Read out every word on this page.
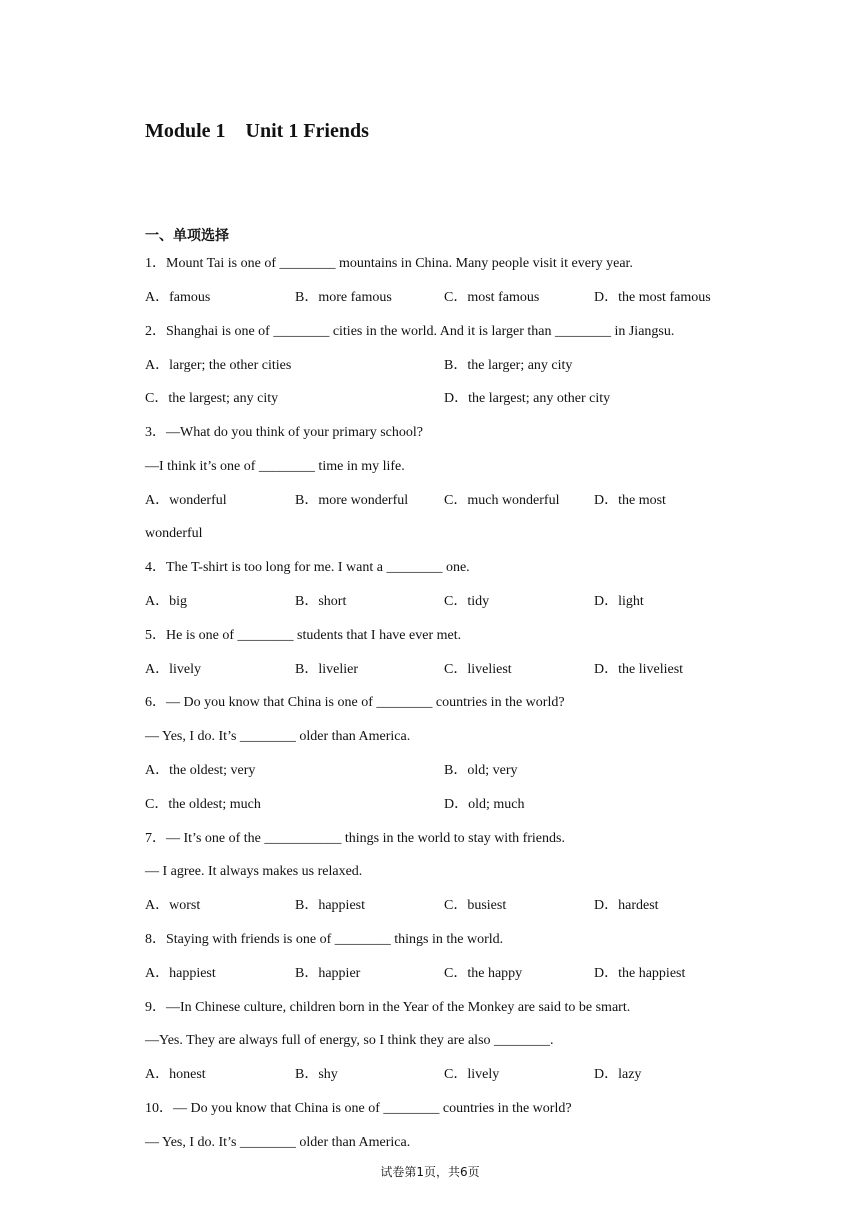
Module 1    Unit 1 Friends
一、单项选择
1．Mount Tai is one of ________ mountains in China. Many people visit it every year.
A．famous	B．more famous	C．most famous	D．the most famous
2．Shanghai is one of ________ cities in the world. And it is larger than ________ in Jiangsu.
A．larger; the other cities	B．the larger; any city
C．the largest; any city	D．the largest; any other city
3．—What do you think of your primary school?
—I think it’s one of ________ time in my life.
A．wonderful	B．more wonderful	C．much wonderful D．the most
wonderful
4．The T-shirt is too long for me. I want a ________ one.
A．big	B．short	C．tidy	D．light
5．He is one of ________ students that I have ever met.
A．lively	B．livelier	C．liveliest	D．the liveliest
6．— Do you know that China is one of ________ countries in the world?
— Yes, I do. It’s ________ older than America.
A．the oldest; very	B．old; very
C．the oldest; much	D．old; much
7．— It’s one of the ___________ things in the world to stay with friends.
— I agree. It always makes us relaxed.
A．worst	B．happiest	C．busiest	D．hardest
8．Staying with friends is one of ________ things in the world.
A．happiest	B．happier	C．the happy	D．the happiest
9．—In Chinese culture, children born in the Year of the Monkey are said to be smart.
—Yes. They are always full of energy, so I think they are also ________.
A．honest	B．shy	C．lively	D．lazy
10．— Do you know that China is one of ________ countries in the world?
— Yes, I do. It’s ________ older than America.
试卷第1页，共6页
